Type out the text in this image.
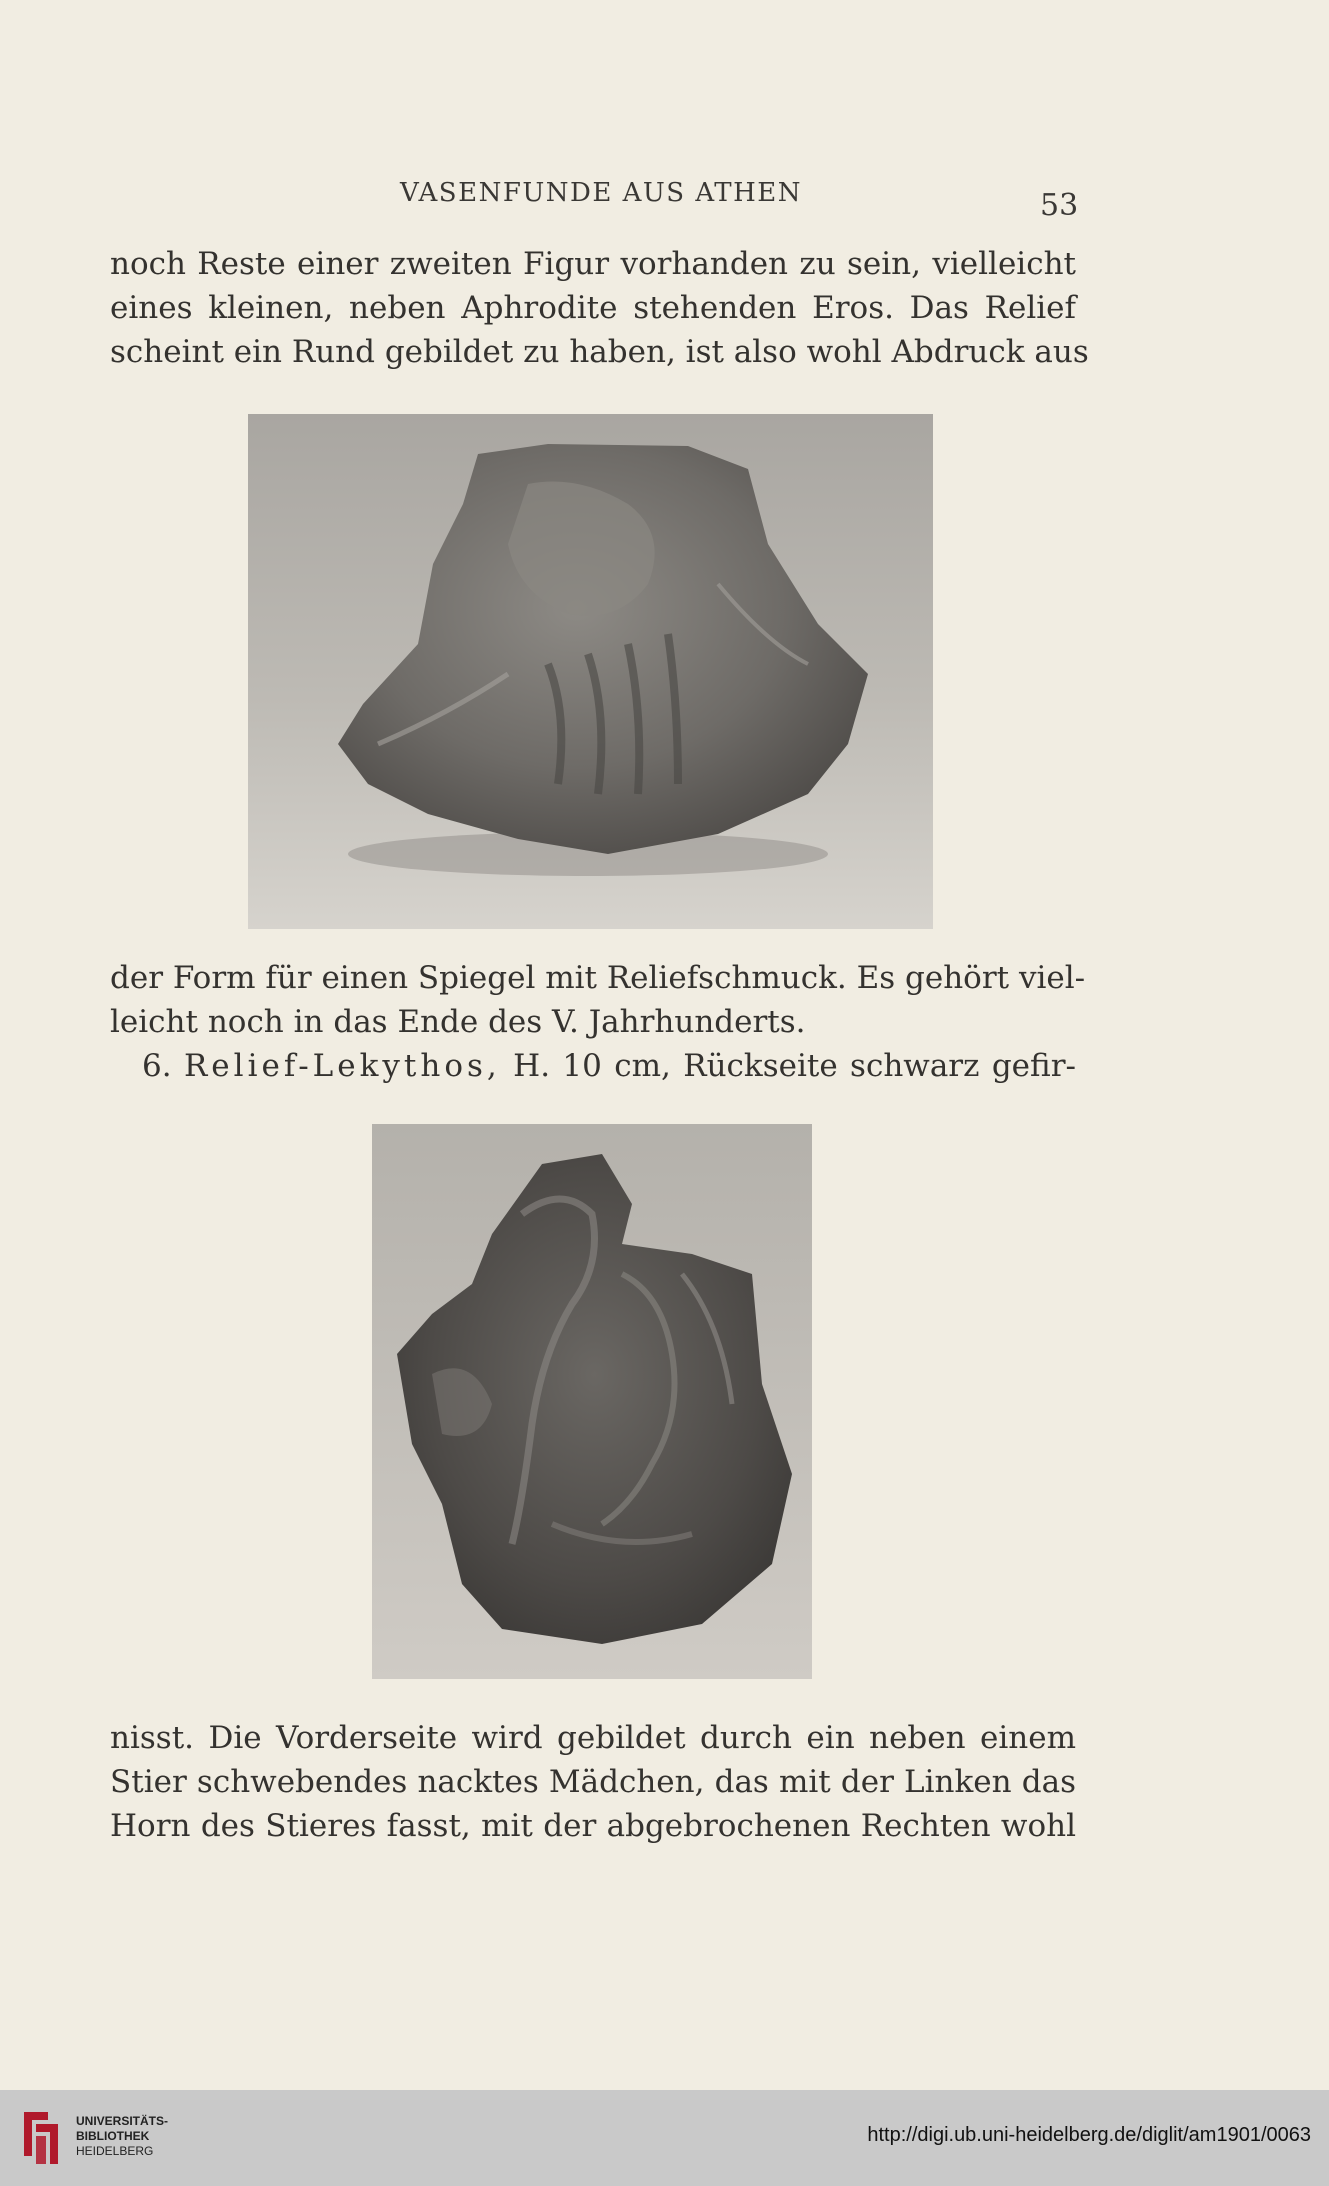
VASENFUNDE AUS ATHEN	53
noch Reste einer zweiten Figur vorhanden zu sein, vielleicht
eines kleinen, neben Aphrodite stehenden Eros. Das Relief
scheint ein Rund gebildet zu haben, ist also wohl Abdruck aus
der Form für einen Spiegel mit Reliefschmuck. Es gehört viel-
leicht noch in das Ende des V. Jahrhunderts.
6. Relief-Lekythos, H. 10 cm, Rückseite schwarz gefir-
nisst. Die Vorderseite wird gebildet durch ein neben einem
Stier schwebendes nacktes Mädchen, das mit der Linken das
Horn des Stieres fasst, mit der abgebrochenen Rechten wohl
UNIVERSITÄTS-
BIBLIOTHEK
HEIDELBERG
http://digi.ub.uni-heidelberg.de/diglit/am1901/0063
